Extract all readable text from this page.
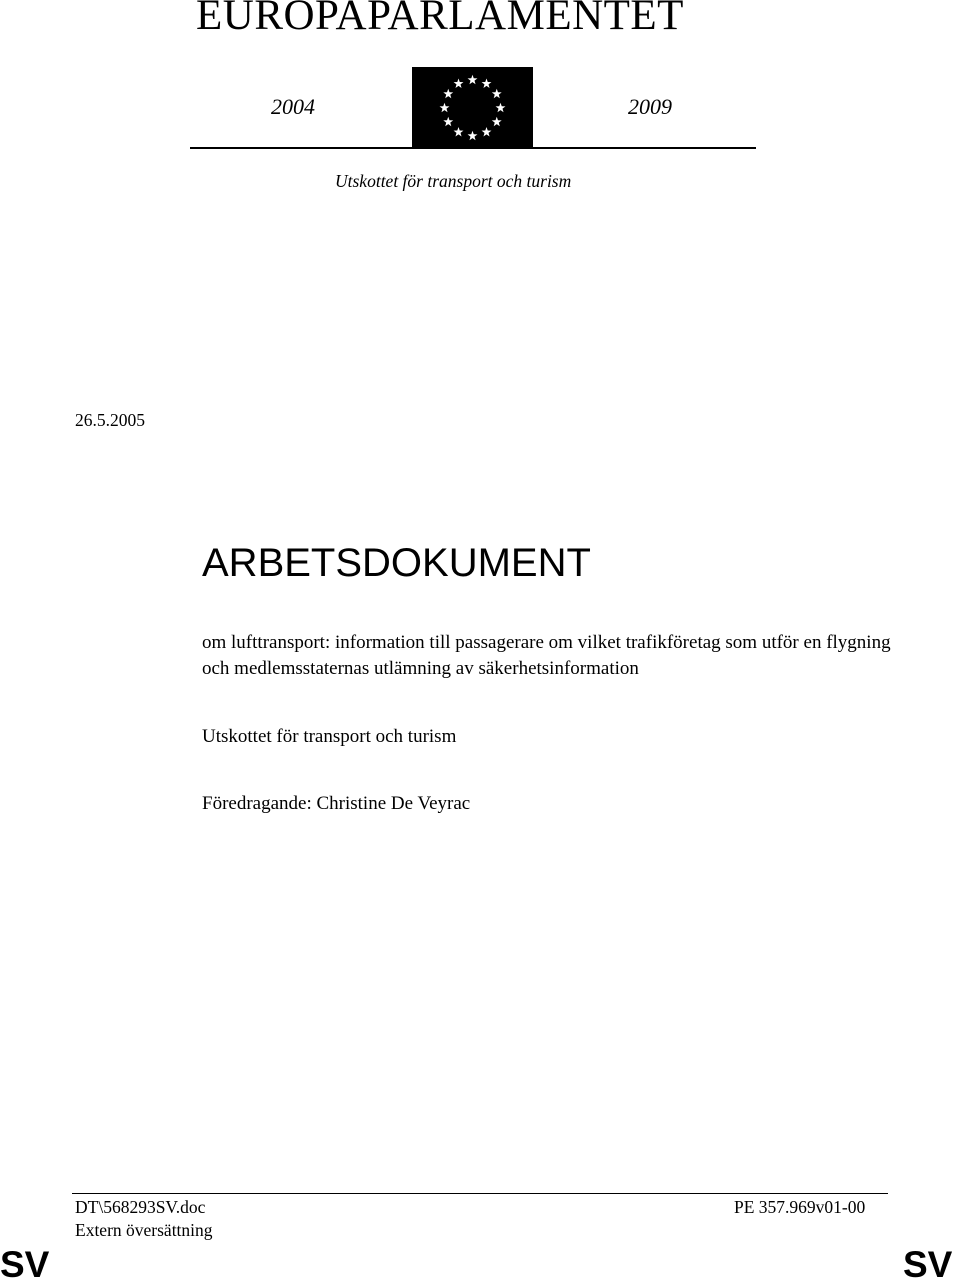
EUROPAPARLAMENTET
2004	2009
Utskottet för transport och turism
26.5.2005
ARBETSDOKUMENT
om lufttransport: information till passagerare om vilket trafikföretag som utför en flygning och medlemsstaternas utlämning av säkerhetsinformation
Utskottet för transport och turism
Föredragande: Christine De Veyrac
DT\568293SV.doc
Extern översättning
PE 357.969v01-00
SV	SV
